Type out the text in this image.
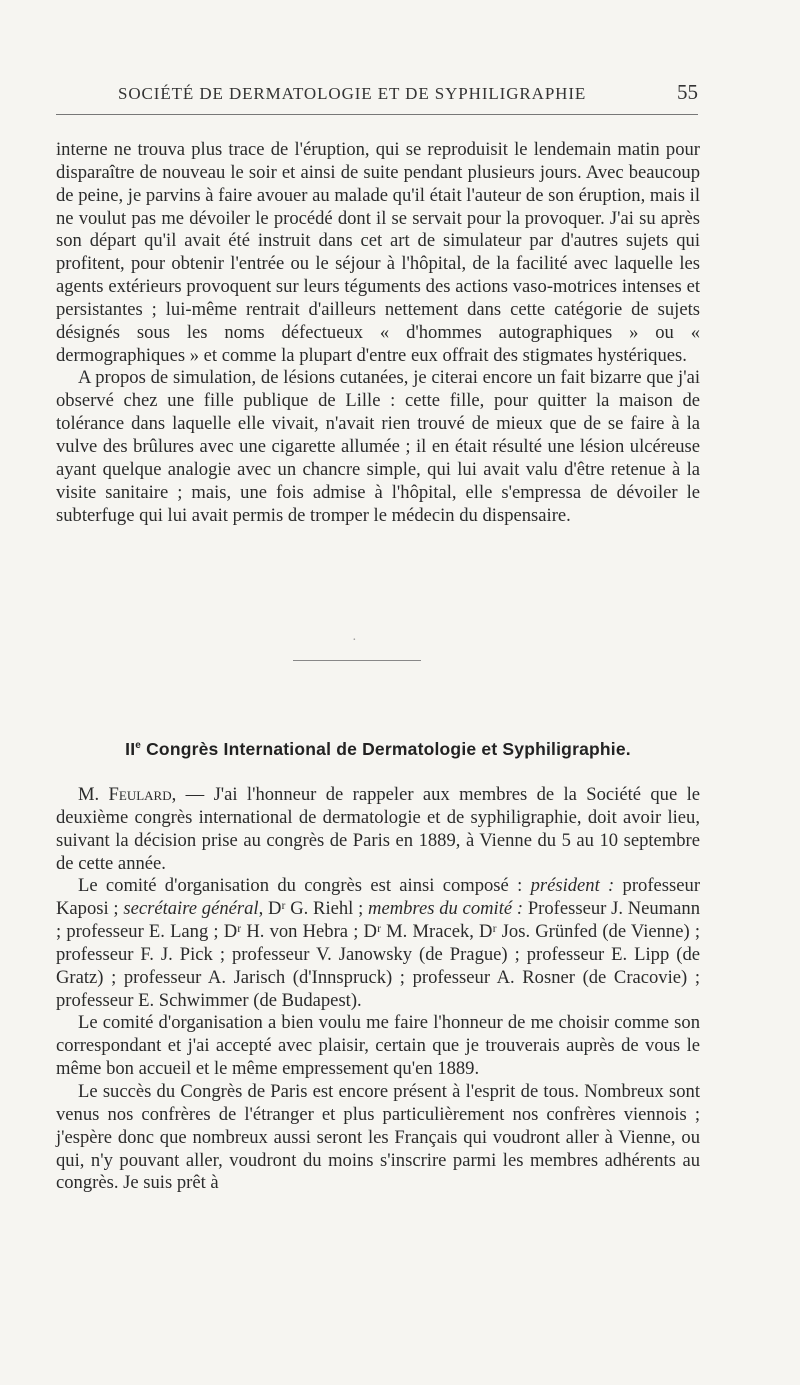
SOCIÉTÉ DE DERMATOLOGIE ET DE SYPHILIGRAPHIE	55

interne ne trouva plus trace de l'éruption, qui se reproduisit le lendemain matin pour disparaître de nouveau le soir et ainsi de suite pendant plusieurs jours. Avec beaucoup de peine, je parvins à faire avouer au malade qu'il était l'auteur de son éruption, mais il ne voulut pas me dévoiler le procédé dont il se servait pour la provoquer. J'ai su après son départ qu'il avait été instruit dans cet art de simulateur par d'autres sujets qui profitent, pour obtenir l'entrée ou le séjour à l'hôpital, de la facilité avec laquelle les agents extérieurs provoquent sur leurs téguments des actions vaso-motrices intenses et persistantes ; lui-même rentrait d'ailleurs nettement dans cette catégorie de sujets désignés sous les noms défectueux « d'hommes autographiques » ou « dermographiques » et comme la plupart d'entre eux offrait des stigmates hystériques.

A propos de simulation, de lésions cutanées, je citerai encore un fait bizarre que j'ai observé chez une fille publique de Lille : cette fille, pour quitter la maison de tolérance dans laquelle elle vivait, n'avait rien trouvé de mieux que de se faire à la vulve des brûlures avec une cigarette allumée ; il en était résulté une lésion ulcéreuse ayant quelque analogie avec un chancre simple, qui lui avait valu d'être retenue à la visite sanitaire ; mais, une fois admise à l'hôpital, elle s'empressa de dévoiler le subterfuge qui lui avait permis de tromper le médecin du dispensaire.

·
$II^e$ Congrès International de Dermatologie et Syphiligraphie.

M. Feulard, — J'ai l'honneur de rappeler aux membres de la Société que le deuxième congrès international de dermatologie et de syphiligraphie, doit avoir lieu, suivant la décision prise au congrès de Paris en 1889, à Vienne du 5 au 10 septembre de cette année.

Le comité d'organisation du congrès est ainsi composé : président : professeur Kaposi ; secrétaire général, Dʳ G. Riehl ; membres du comité : Professeur J. Neumann ; professeur E. Lang ; Dʳ H. von Hebra ; Dʳ M. Mracek, Dʳ Jos. Grünfed (de Vienne) ; professeur F. J. Pick ; professeur V. Janowsky (de Prague) ; professeur E. Lipp (de Gratz) ; professeur A. Jarisch (d'Innspruck) ; professeur A. Rosner (de Cracovie) ; professeur E. Schwimmer (de Budapest).

Le comité d'organisation a bien voulu me faire l'honneur de me choisir comme son correspondant et j'ai accepté avec plaisir, certain que je trouverais auprès de vous le même bon accueil et le même empressement qu'en 1889.

Le succès du Congrès de Paris est encore présent à l'esprit de tous. Nombreux sont venus nos confrères de l'étranger et plus particulièrement nos confrères viennois ; j'espère donc que nombreux aussi seront les Français qui voudront aller à Vienne, ou qui, n'y pouvant aller, voudront du moins s'inscrire parmi les membres adhérents au congrès. Je suis prêt à
